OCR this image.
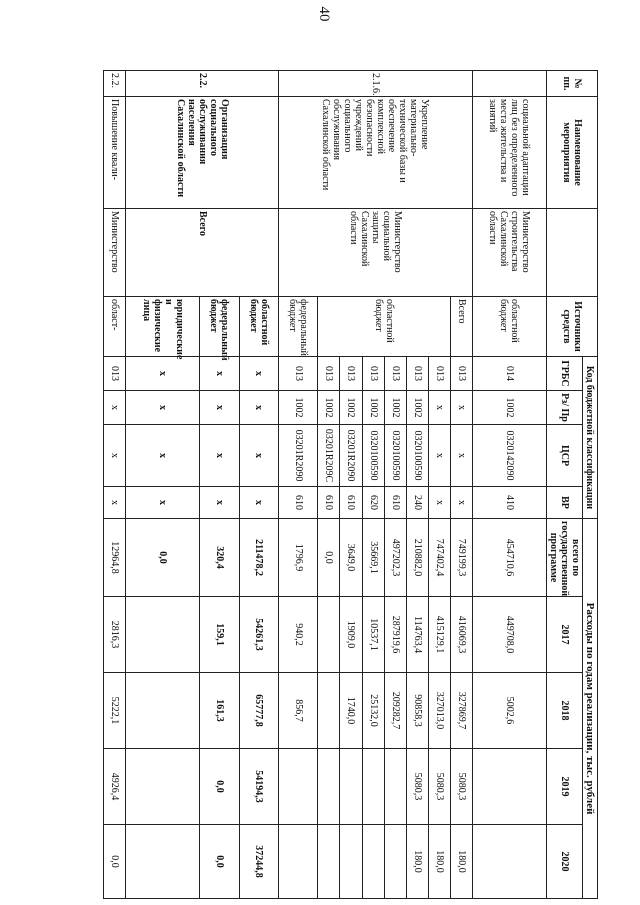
40
№ пп.	Наименование мероприятия		Источники средств	Код бюджетной классификации				Расходы по годам реализации, тыс. рублей				
				ГРБС	Рз/ Пр	ЦСР	ВР	всего по государственной программе	2017	2018	2019	2020
	социальной адаптации лиц без определенного места жительства и занятий	Министерство строительства Сахалинской области	областной бюджет	014	1002	0320142090	410	454710,6	449708,0	5002,6		
2.1.6.	Укрепление материально-технической базы и обеспечение комплексной безопасности учреждений социального обслуживания Сахалинской области	Министерство социальной защиты Сахалинской области	Всего	013	х	х	х	749199,3	416069,3	327869,7	5080,3	180,0
			областной бюджет	013	х	х	х	747402,4	415129,1	327013,0	5080,3	180,0
				013	1002	0320100590	240	210882,0	114763,4	90858,3	5080,3	180,0
				013	1002	0320100590	610	497202,3	287919,6	209282,7		
				013	1002	0320100590	620	35669,1	10537,1	25132,0		
				013	1002	03201R2090	610	3649,0	1909,0	1740,0		
				013	1002	03201R209С	610	0,0				
			федеральный бюджет	013	1002	03201R2090	610	1796,9	940,2	856,7		
2.2.	Организация социального обслуживания населения Сахалинской области	Всего	областной бюджет	х	х	х	х	211478,2	54261,3	65777,8	54194,3	37244,8
			федеральный бюджет	х	х	х	х	320,4	159,1	161,3	0,0	0,0
			юридические и физические лица	х	х	х	х	0,0				
2.2.	Повышение квали-	Министерство	област-	013	х	х	х	12964,8	2816,3	5222,1	4926,4	0,0
